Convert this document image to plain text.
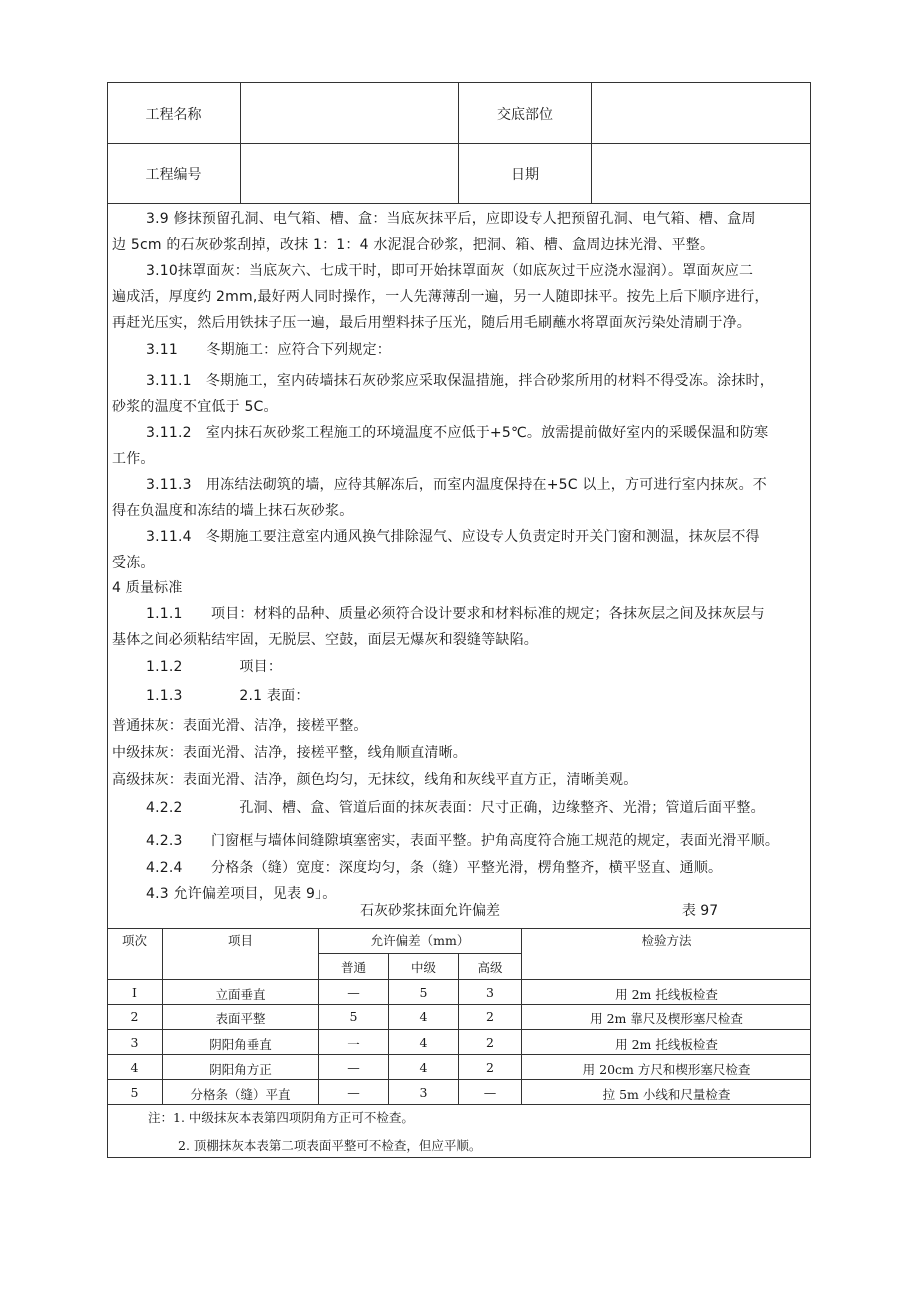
工程名称	交底部位
工程编号	日期
3.9 修抹预留孔洞、电气箱、槽、盒：当底灰抹平后，应即设专人把预留孔洞、电气箱、槽、盒周
边 5cm 的石灰砂浆刮掉，改抹 1：1：4 水泥混合砂浆，把洞、箱、槽、盒周边抹光滑、平整。
3.10抹罩面灰：当底灰六、七成干时，即可开始抹罩面灰（如底灰过干应浇水湿润）。罩面灰应二
遍成活，厚度约 2mm,最好两人同时操作，一人先薄薄刮一遍，另一人随即抹平。按先上后下顺序进行，
再赶光压实，然后用铁抹子压一遍，最后用塑料抹子压光，随后用毛刷蘸水将罩面灰污染处清刷于净。
3.11　　冬期施工：应符合下列规定：
3.11.1　冬期施工，室内砖墙抹石灰砂浆应采取保温措施，拌合砂浆所用的材料不得受冻。涂抹时，
砂浆的温度不宜低于 5C。
3.11.2　室内抹石灰砂浆工程施工的环境温度不应低于+5℃。放需提前做好室内的采暖保温和防寒
工作。
3.11.3　用冻结法砌筑的墙，应待其解冻后，而室内温度保持在+5C 以上，方可进行室内抹灰。不
得在负温度和冻结的墙上抹石灰砂浆。
3.11.4　冬期施工要注意室内通风换气排除湿气、应设专人负责定时开关门窗和测温，抹灰层不得
受冻。
4 质量标准
1.1.1　　项目：材料的品种、质量必须符合设计要求和材料标准的规定；各抹灰层之间及抹灰层与
基体之间必须粘结牢固，无脱层、空鼓，面层无爆灰和裂缝等缺陷。
1.1.2　　　　项目：
1.1.3　　　　2.1 表面：
普通抹灰：表面光滑、洁净，接槎平整。
中级抹灰：表面光滑、洁净，接槎平整，线角顺直清晰。
高级抹灰：表面光滑、洁净，颜色均匀，无抹纹，线角和灰线平直方正，清晰美观。
4.2.2　　　　孔洞、槽、盒、管道后面的抹灰表面：尺寸正确，边缘整齐、光滑；管道后面平整。
4.2.3　　门窗框与墙体间缝隙填塞密实，表面平整。护角高度符合施工规范的规定，表面光滑平顺。
4.2.4　　分格条（缝）宽度：深度均匀，条（缝）平整光滑，楞角整齐，横平竖直、通顺。
4.3 允许偏差项目，见表 9」。
石灰砂浆抹面允许偏差	表 97
项次	项目	允许偏差（mm）	检验方法
普通	中级	高级
I	立面垂直	—	5	3	用 2m 托线板检查
2	表面平整	5	4	2	用 2m 靠尺及楔形塞尺检查
3	阴阳角垂直	一	4	2	用 2m 托线板检查
4	阴阳角方正	—	4	2	用 20cm 方尺和楔形塞尺检查
5	分格条（缝）平直	—	3	—	拉 5m 小线和尺量检查
注：1. 中级抹灰本表第四项阴角方正可不检查。
2. 顶棚抹灰本表第二项表面平整可不检查，但应平顺。
